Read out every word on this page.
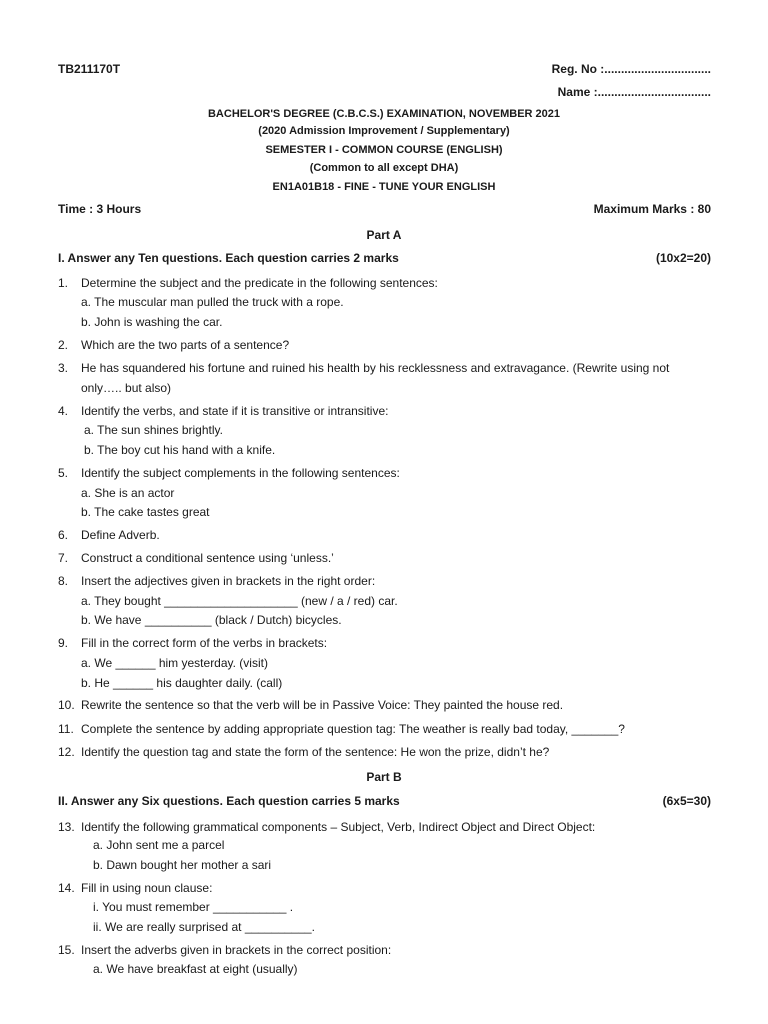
TB211170T	Reg. No :................................
Name :..................................
BACHELOR'S DEGREE (C.B.C.S.) EXAMINATION, NOVEMBER 2021
(2020 Admission Improvement / Supplementary)
SEMESTER I - COMMON COURSE (ENGLISH)
(Common to all except DHA)
EN1A01B18 - FINE - TUNE YOUR ENGLISH
Time : 3 Hours	Maximum Marks : 80
Part A
I. Answer any Ten questions. Each question carries 2 marks	(10x2=20)
1.	Determine the subject and the predicate in the following sentences:
a. The muscular man pulled the truck with a rope.
b. John is washing the car.
2.	Which are the two parts of a sentence?
3.	He has squandered his fortune and ruined his health by his recklessness and extravagance. (Rewrite using not
only….. but also)
4.	Identify the verbs, and state if it is transitive or intransitive:
a. The sun shines brightly.
b. The boy cut his hand with a knife.
5.	Identify the subject complements in the following sentences:
a. She is an actor
b. The cake tastes great
6.	Define Adverb.
7.	Construct a conditional sentence using ‘unless.’
8.	Insert the adjectives given in brackets in the right order:
a. They bought ____________________ (new / a / red) car.
b. We have __________ (black / Dutch) bicycles.
9.	Fill in the correct form of the verbs in brackets:
a. We ______ him yesterday. (visit)
b. He ______ his daughter daily. (call)
10. Rewrite the sentence so that the verb will be in Passive Voice: They painted the house red.
11. Complete the sentence by adding appropriate question tag: The weather is really bad today, _______?
12. Identify the question tag and state the form of the sentence: He won the prize, didn’t he?
Part B
II. Answer any Six questions. Each question carries 5 marks	(6x5=30)
13. Identify the following grammatical components – Subject, Verb, Indirect Object and Direct Object:
a. John sent me a parcel
b. Dawn bought her mother a sari
14. Fill in using noun clause:
i. You must remember ___________ .
ii. We are really surprised at __________.
15. Insert the adverbs given in brackets in the correct position:
a. We have breakfast at eight (usually)
